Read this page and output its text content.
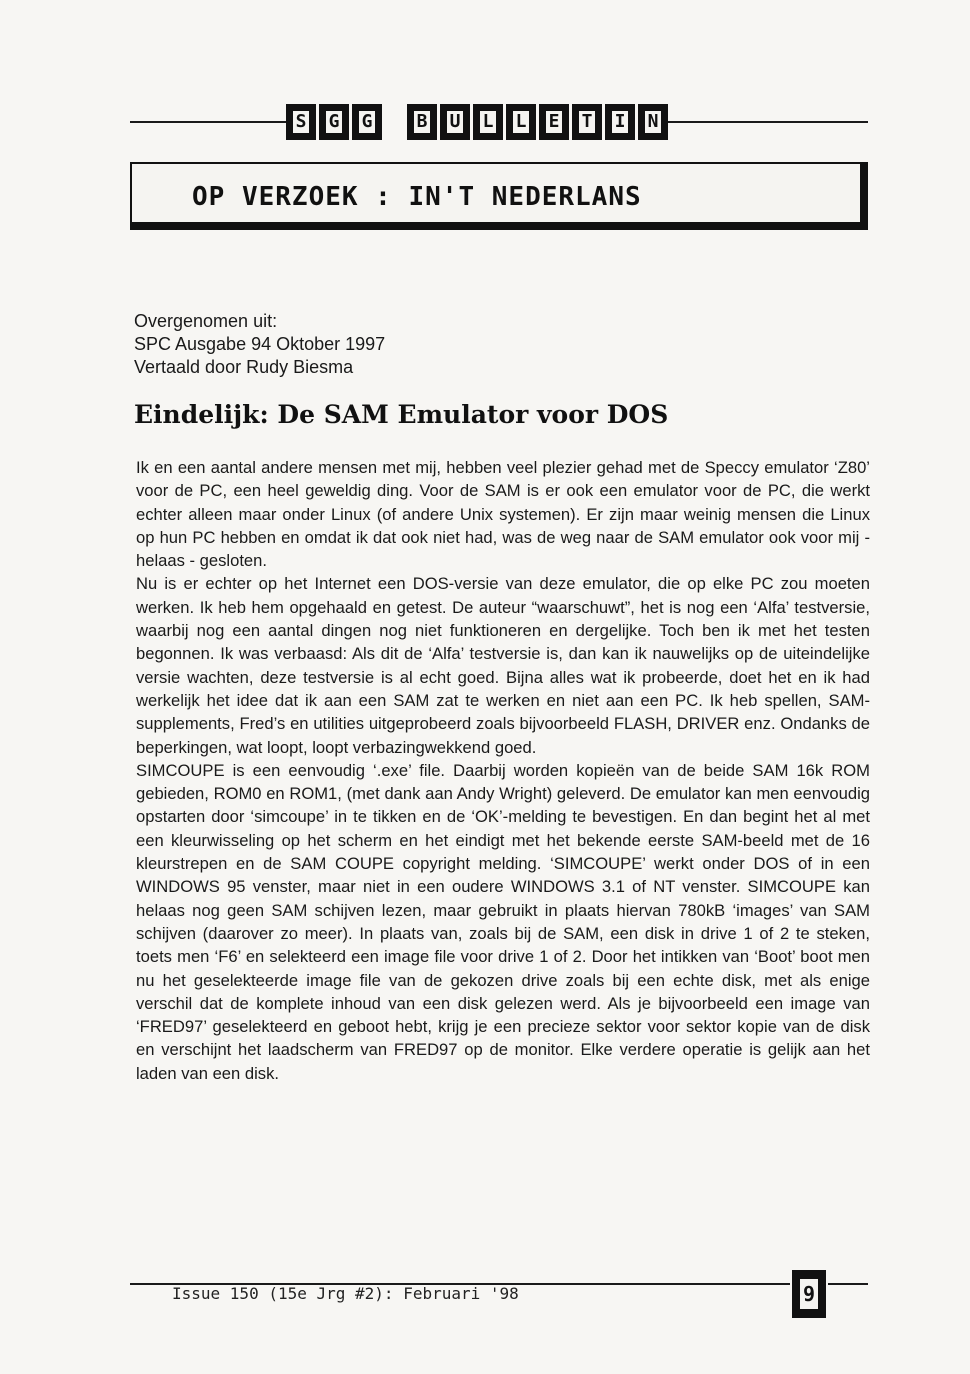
S G G B U L L E T I N
OP VERZOEK : IN'T NEDERLANS
Overgenomen uit:
SPC Ausgabe 94 Oktober 1997
Vertaald door Rudy Biesma
Eindelijk: De SAM Emulator voor DOS

Ik en een aantal andere mensen met mij, hebben veel plezier gehad met de Speccy emulator ‘Z80’ voor de PC, een heel geweldig ding. Voor de SAM is er ook een emulator voor de PC, die werkt echter alleen maar onder Linux (of andere Unix systemen). Er zijn maar weinig mensen die Linux op hun PC hebben en omdat ik dat ook niet had, was de weg naar de SAM emulator ook voor mij - helaas - gesloten.

Nu is er echter op het Internet een DOS-versie van deze emulator, die op elke PC zou moeten werken. Ik heb hem opgehaald en getest. De auteur “waarschuwt”, het is nog een ‘Alfa’ testversie, waarbij nog een aantal dingen nog niet funktioneren en dergelijke. Toch ben ik met het testen begonnen. Ik was verbaasd: Als dit de ‘Alfa’ testversie is, dan kan ik nauwelijks op de uiteindelijke versie wachten, deze testversie is al echt goed. Bijna alles wat ik probeerde, doet het en ik had werkelijk het idee dat ik aan een SAM zat te werken en niet aan een PC. Ik heb spellen, SAM-supplements, Fred’s en utilities uitgeprobeerd zoals bijvoorbeeld FLASH, DRIVER enz. Ondanks de beperkingen, wat loopt, loopt verbazingwekkend goed.

SIMCOUPE is een eenvoudig ‘.exe’ file. Daarbij worden kopieën van de beide SAM 16k ROM gebieden, ROM0 en ROM1, (met dank aan Andy Wright) geleverd. De emulator kan men eenvoudig opstarten door ‘simcoupe’ in te tikken en de ‘OK’-melding te bevestigen. En dan begint het al met een kleurwisseling op het scherm en het eindigt met het bekende eerste SAM-beeld met de 16 kleurstrepen en de SAM COUPE copyright melding. ‘SIMCOUPE’ werkt onder DOS of in een WINDOWS 95 venster, maar niet in een oudere WINDOWS 3.1 of NT venster. SIMCOUPE kan helaas nog geen SAM schijven lezen, maar gebruikt in plaats hiervan 780kB ‘images’ van SAM schijven (daarover zo meer). In plaats van, zoals bij de SAM, een disk in drive 1 of 2 te steken, toets men ‘F6’ en selekteerd een image file voor drive 1 of 2. Door het intikken van ‘Boot’ boot men nu het geselekteerde image file van de gekozen drive zoals bij een echte disk, met als enige verschil dat de komplete inhoud van een disk gelezen werd. Als je bijvoorbeeld een image van ‘FRED97’ geselekteerd en geboot hebt, krijg je een precieze sektor voor sektor kopie van de disk en verschijnt het laadscherm van FRED97 op de monitor. Elke verdere operatie is gelijk aan het laden van een disk.

Issue 150 (15e Jrg #2): Februari '98	9
